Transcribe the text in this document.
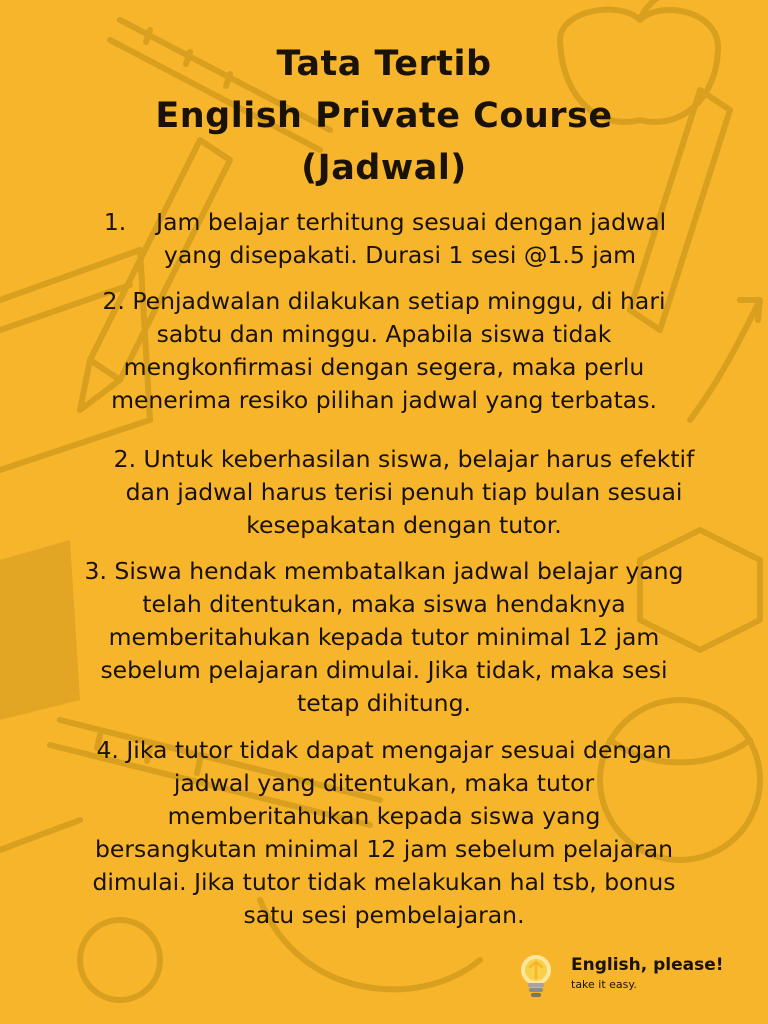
Tata Tertib
English Private Course
(Jadwal)
1.    Jam belajar terhitung sesuai dengan jadwal
yang disepakati. Durasi 1 sesi @1.5 jam
2. Penjadwalan dilakukan setiap minggu, di hari
sabtu dan minggu. Apabila siswa tidak
mengkonfirmasi dengan segera, maka perlu
menerima resiko pilihan jadwal yang terbatas.
2. Untuk keberhasilan siswa, belajar harus efektif
dan jadwal harus terisi penuh tiap bulan sesuai
kesepakatan dengan tutor.
3. Siswa hendak membatalkan jadwal belajar yang
telah ditentukan, maka siswa hendaknya
memberitahukan kepada tutor minimal 12 jam
sebelum pelajaran dimulai. Jika tidak, maka sesi
tetap dihitung.
4. Jika tutor tidak dapat mengajar sesuai dengan
jadwal yang ditentukan, maka tutor
memberitahukan kepada siswa yang
bersangkutan minimal 12 jam sebelum pelajaran
dimulai. Jika tutor tidak melakukan hal tsb, bonus
satu sesi pembelajaran.
English, please!
take it easy.
